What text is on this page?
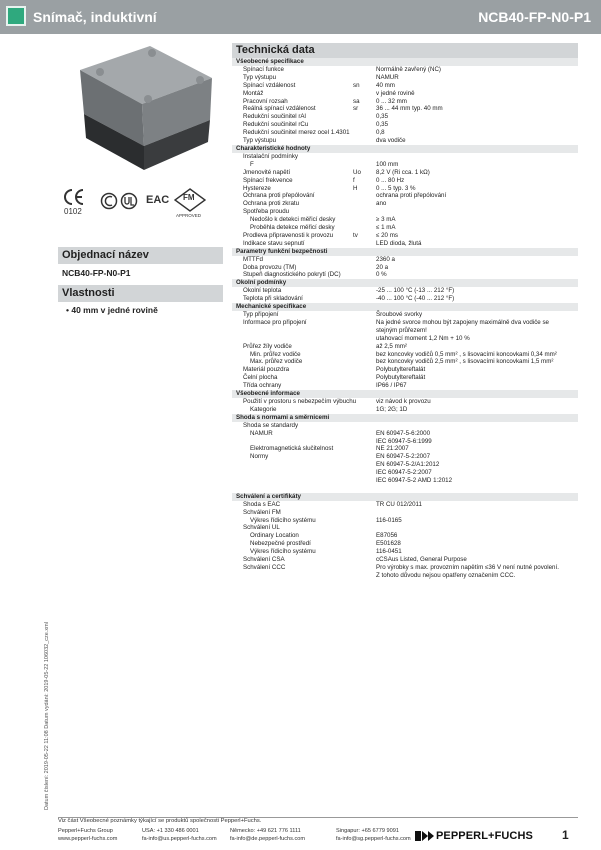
Snímač, induktivní	NCB40-FP-N0-P1
0102
EAC FM
APPROVED
Objednací název
NCB40-FP-N0-P1
Vlastnosti
• 40 mm v jedné rovině
Datum číslení: 2019-05-22 11:08 Datum vydání: 2019-05-22 106032_cze.xml
Technická data
Všeobecné specifikace
Spínací funkce	Normálně zavřený (NC)
Typ výstupu	NAMUR
Spínací vzdálenost	sn	40 mm
Montáž	v jedné rovině
Pracovní rozsah	sa	0 ... 32 mm
Reálná spínací vzdálenost	sr	36 ... 44 mm typ. 40 mm
Redukční součinitel rAl	0,35
Redukční součinitel rCu	0,35
Redukční součinitel rnerez ocel 1.4301	0,8
Typ výstupu	dva vodiče
Charakteristické hodnoty
Instalační podmínky
F	100 mm
Jmenovité napětí	Uo 8,2 V (Ri cca. 1 kΩ)
Spínací frekvence	f	0 ... 80 Hz
Hystereze	H	0 ... 5 typ. 3 %
Ochrana proti přepólování	ochrana proti přepólování
Ochrana proti zkratu	ano
Spotřeba proudu
Nedošlo k detekci měřicí desky	≥ 3 mA
Proběhla detekce měřicí desky	≤ 1 mA
Prodleva připravenosti k provozu	tv	≤ 20 ms
Indikace stavu sepnutí	LED dioda, žlutá
Parametry funkční bezpečnosti
MTTFd	2360 a
Doba provozu (TM)	20 a
Stupeň diagnostického pokrytí (DC)	0 %
Okolní podmínky
Okolní teplota	-25 ... 100 °C (-13 ... 212 °F)
Teplota při skladování	-40 ... 100 °C (-40 ... 212 °F)
Mechanické specifikace
Typ připojení	Šroubové svorky
Informace pro připojení	Na jedné svorce mohou být zapojeny maximálně dva vodiče se
stejným průřezem!
utahovací moment 1,2 Nm + 10 %
Průřez žíly vodiče	až 2,5 mm²
Min. průřez vodiče	bez koncovky vodičů 0,5 mm² , s lisovacími koncovkami 0,34 mm²
Max. průřez vodiče	bez koncovky vodičů 2,5 mm² , s lisovacími koncovkami 1,5 mm²
Materiál pouzdra	Polybutyltereftalát
Čelní plocha	Polybutyltereftalát
Třída ochrany	IP66 / IP67
Všeobecné informace
Použití v prostoru s nebezpečím výbuchu	viz návod k provozu
Kategorie	1G; 2G; 1D
Shoda s normami a směrnicemi
Shoda se standardy
NAMUR	EN 60947-5-6:2000
IEC 60947-5-6:1999
Elektromagnetická slučitelnost	NE 21:2007
Normy	EN 60947-5-2:2007
EN 60947-5-2/A1:2012
IEC 60947-5-2:2007
IEC 60947-5-2 AMD 1:2012
Schválení a certifikáty
Shoda s EAC	TR CU 012/2011
Schválení FM
Výkres řídicího systému	116-0165
Schválení UL
Ordinary Location	E87056
Nebezpečné prostředí	E501628
Výkres řídicího systému	116-0451
Schválení CSA	cCSAus Listed, General Purpose
Schválení CCC	Pro výrobky s max. provozním napětím ≤36 V není nutné povolení.
Z tohoto důvodu nejsou opatřeny označením CCC.
Viz část Všeobecné poznámky týkající se produktů společnosti Pepperl+Fuchs.
Pepperl+Fuchs Group
www.pepperl-fuchs.com
USA: +1 330 486 0001
fa-info@us.pepperl-fuchs.com
Německo: +49 621 776 1111
fa-info@de.pepperl-fuchs.com
Singapur: +65 6779 9091
fa-info@sg.pepperl-fuchs.com PEPPERL+FUCHS 1
